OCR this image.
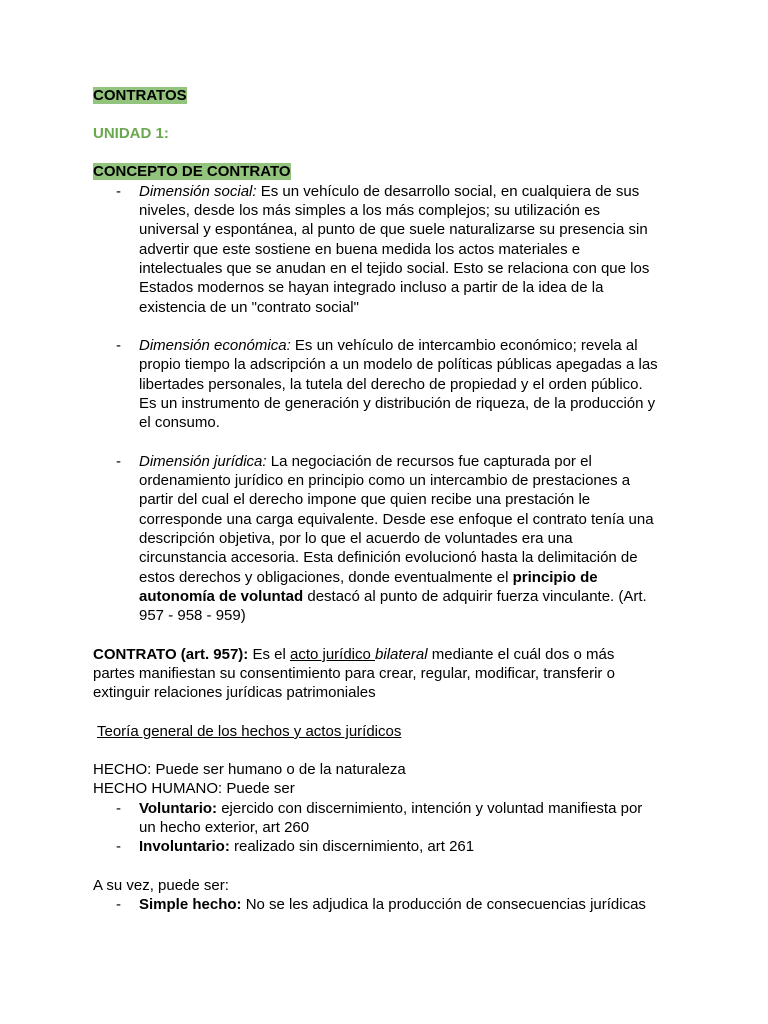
CONTRATOS
UNIDAD 1:
CONCEPTO DE CONTRATO
- Dimensión social: Es un vehículo de desarrollo social, en cualquiera de sus
niveles, desde los más simples a los más complejos; su utilización es
universal y espontánea, al punto de que suele naturalizarse su presencia sin
advertir que este sostiene en buena medida los actos materiales e
intelectuales que se anudan en el tejido social. Esto se relaciona con que los
Estados modernos se hayan integrado incluso a partir de la idea de la
existencia de un "contrato social"
- Dimensión económica: Es un vehículo de intercambio económico; revela al
propio tiempo la adscripción a un modelo de políticas públicas apegadas a las
libertades personales, la tutela del derecho de propiedad y el orden público.
Es un instrumento de generación y distribución de riqueza, de la producción y
el consumo.
- Dimensión jurídica: La negociación de recursos fue capturada por el
ordenamiento jurídico en principio como un intercambio de prestaciones a
partir del cual el derecho impone que quien recibe una prestación le
corresponde una carga equivalente. Desde ese enfoque el contrato tenía una
descripción objetiva, por lo que el acuerdo de voluntades era una
circunstancia accesoria. Esta definición evolucionó hasta la delimitación de
estos derechos y obligaciones, donde eventualmente el principio de
autonomía de voluntad destacó al punto de adquirir fuerza vinculante. (Art.
957 - 958 - 959)
CONTRATO (art. 957): Es el acto jurídico bilateral mediante el cuál dos o más
partes manifiestan su consentimiento para crear, regular, modificar, transferir o
extinguir relaciones jurídicas patrimoniales
Teoría general de los hechos y actos jurídicos
HECHO: Puede ser humano o de la naturaleza
HECHO HUMANO: Puede ser
- Voluntario: ejercido con discernimiento, intención y voluntad manifiesta por
un hecho exterior, art 260
- Involuntario: realizado sin discernimiento, art 261
A su vez, puede ser:
- Simple hecho: No se les adjudica la producción de consecuencias jurídicas
